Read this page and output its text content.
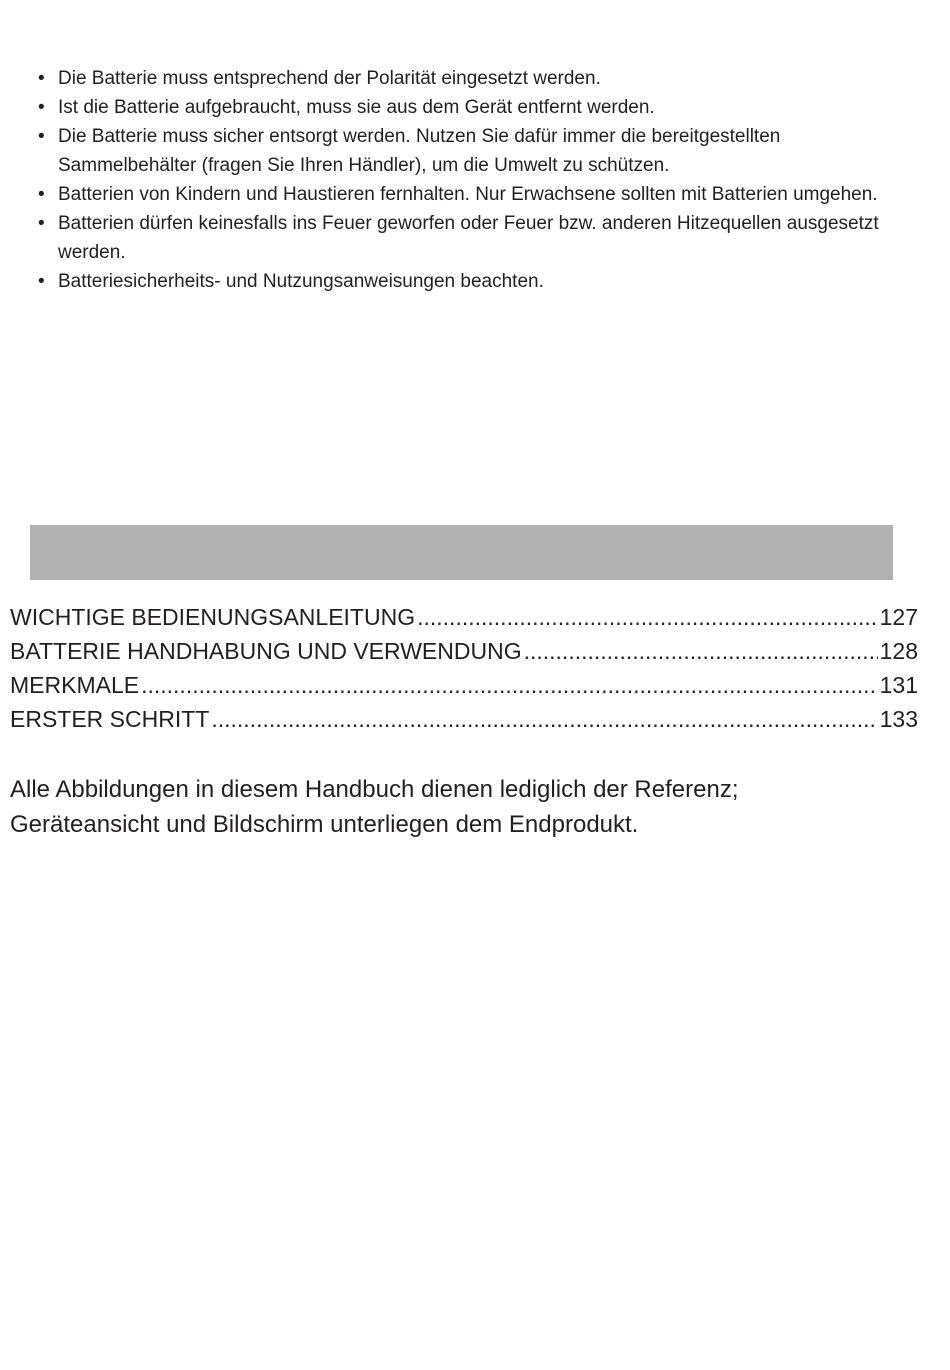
• Die Batterie muss entsprechend der Polarität eingesetzt werden.
• Ist die Batterie aufgebraucht, muss sie aus dem Gerät entfernt werden.
• Die Batterie muss sicher entsorgt werden. Nutzen Sie dafür immer die bereitgestellten Sammelbehälter (fragen Sie Ihren Händler), um die Umwelt zu schützen.
• Batterien von Kindern und Haustieren fernhalten. Nur Erwachsene sollten mit Batterien umgehen.
• Batterien dürfen keinesfalls ins Feuer geworfen oder Feuer bzw. anderen Hitzequellen ausgesetzt werden.
• Batteriesicherheits- und Nutzungsanweisungen beachten.
WICHTIGE BEDIENUNGSANLEITUNG .....	127
BATTERIE HANDHABUNG UND VERWENDUNG .....	128
MERKMALE .....	131
ERSTER SCHRITT .....	133

Alle Abbildungen in diesem Handbuch dienen lediglich der Referenz;

Geräteansicht und Bildschirm unterliegen dem Endprodukt.
